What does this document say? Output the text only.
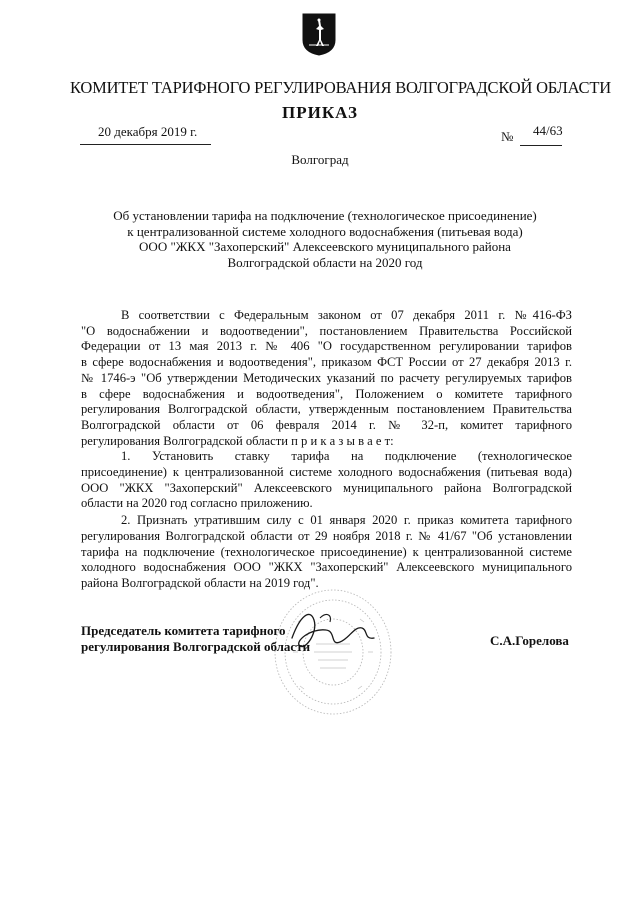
КОМИТЕТ ТАРИФНОГО РЕГУЛИРОВАНИЯ ВОЛГОГРАДСКОЙ ОБЛАСТИ
ПРИКАЗ
20 декабря 2019 г.	№ 44/63
Волгоград
Об установлении тарифа на подключение (технологическое присоединение)
к централизованной системе холодного водоснабжения (питьевая вода)
ООО "ЖКХ "Захоперский" Алексеевского муниципального района
Волгоградской области на 2020 год

В соответствии с Федеральным законом от 07 декабря 2011 г. №416-ФЗ

"О водоснабжении и водоотведении", постановлением Правительства Российской

Федерации от 13 мая 2013 г. № 406 "О государственном регулировании тарифов

в сфере водоснабжения и водоотведения", приказом ФСТ России от 27 декабря 2013 г.

№ 1746-э "Об утверждении Методических указаний по расчету регулируемых тарифов

в сфере водоснабжения и водоотведения", Положением о комитете тарифного

регулирования Волгоградской области, утвержденным постановлением Правительства

Волгоградской области от 06 февраля 2014 г. № 32-п, комитет тарифного

регулирования Волгоградской области п р и к а з ы в а е т:

1. Установить ставку тарифа на подключение (технологическое

присоединение) к централизованной системе холодного водоснабжения (питьевая вода)

ООО "ЖКХ "Захоперский" Алексеевского муниципального района Волгоградской

области на 2020 год согласно приложению.

2. Признать утратившим силу с 01 января 2020 г. приказ комитета тарифного

регулирования Волгоградской области от 29 ноября 2018 г. № 41/67 "Об установлении

тарифа на подключение (технологическое присоединение) к централизованной системе

холодного водоснабжения ООО "ЖКХ "Захоперский" Алексеевского муниципального

района Волгоградской области на 2019 год".

Председатель комитета тарифного
регулирования Волгоградской области	С.А.Горелова
